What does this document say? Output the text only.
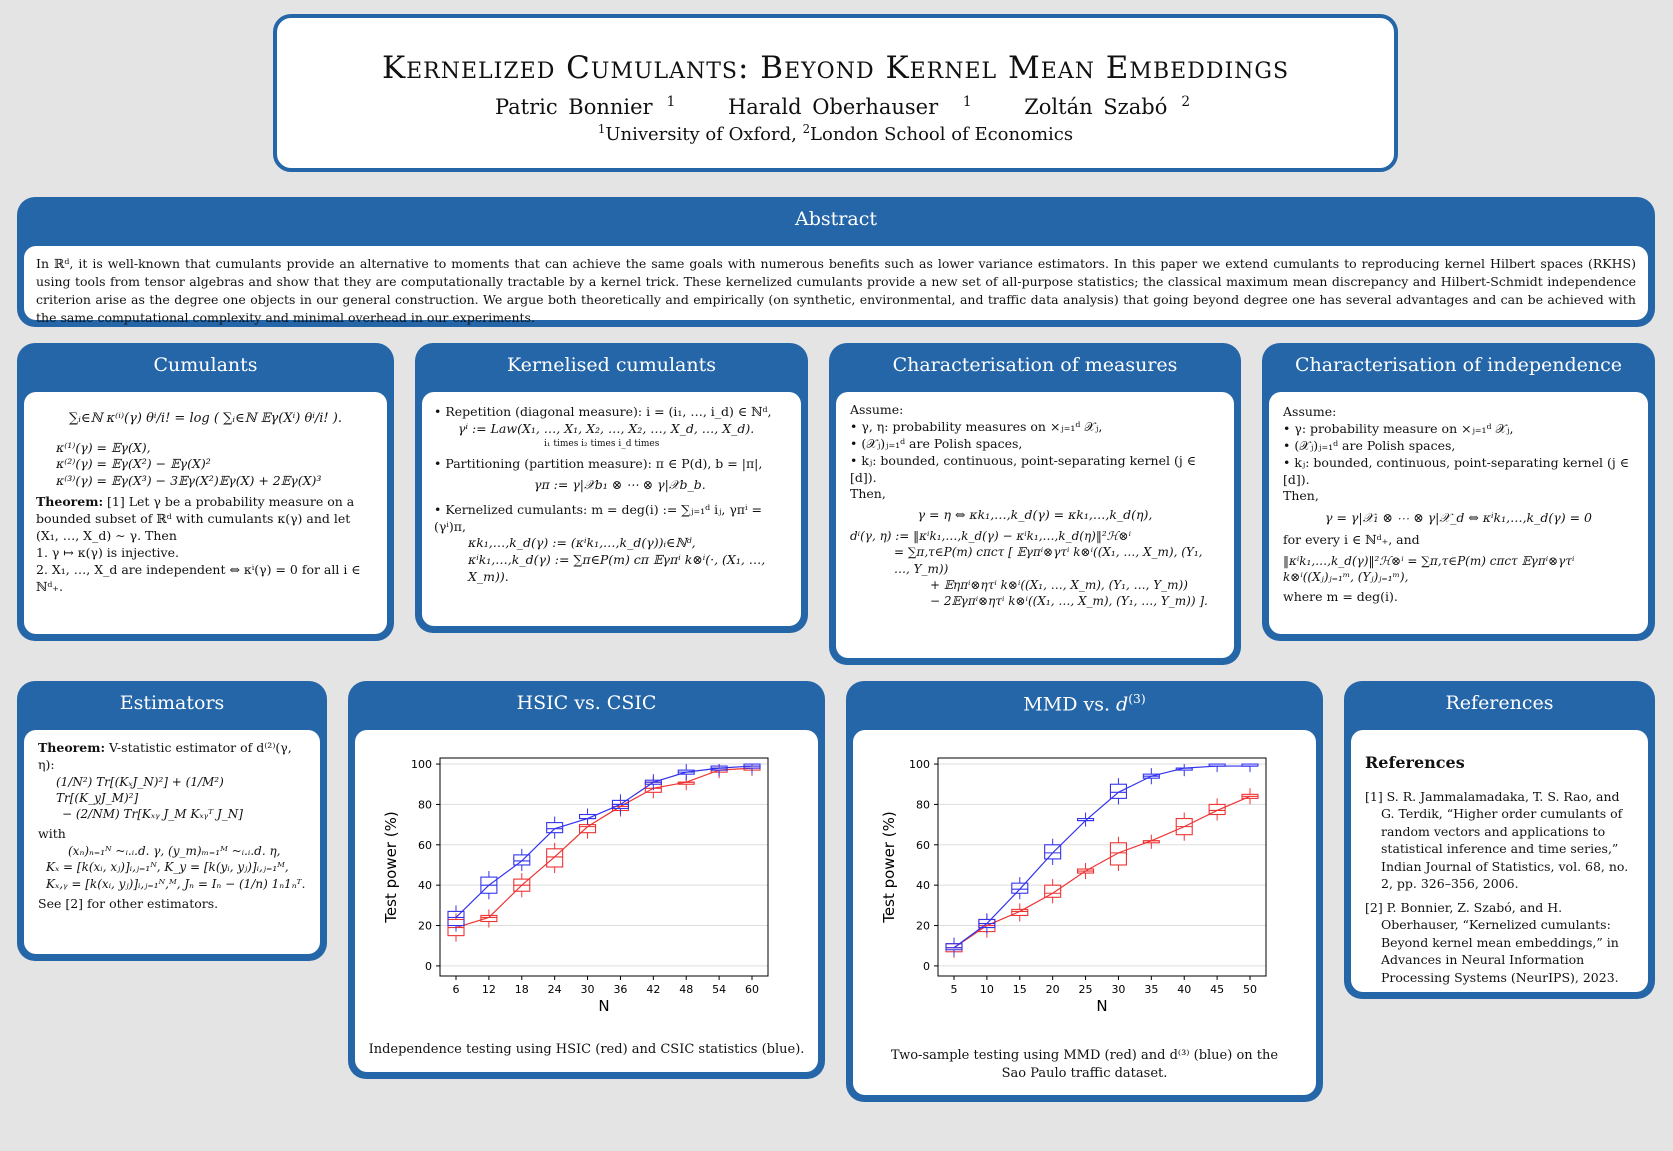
Kernelized Cumulants: Beyond Kernel Mean Embeddings
Patric Bonnier $^1$	Harald Oberhauser $^1$	Zoltán Szabó $^2$
$^1$University of Oxford, $^2$London School of Economics
Abstract

In ℝᵈ, it is well-known that cumulants provide an alternative to moments that can achieve the same goals with numerous benefits such as lower variance estimators. In this paper we extend cumulants to reproducing kernel Hilbert spaces (RKHS) using tools from tensor algebras and show that they are computationally tractable by a kernel trick. These kernelized cumulants provide a new set of all-purpose statistics; the classical maximum mean discrepancy and Hilbert-Schmidt independence criterion arise as the degree one objects in our general construction. We argue both theoretically and empirically (on synthetic, environmental, and traffic data analysis) that going beyond degree one has several advantages and can be achieved with the same computational complexity and minimal overhead in our experiments.

Cumulants

∑ᵢ∈ℕ κ⁽ⁱ⁾(γ) θⁱ/i! = log ( ∑ᵢ∈ℕ 𝔼γ(Xⁱ) θⁱ/i! ).

κ⁽¹⁾(γ) = 𝔼γ(X),

κ⁽²⁾(γ) = 𝔼γ(X²) − 𝔼γ(X)²

κ⁽³⁾(γ) = 𝔼γ(X³) − 3𝔼γ(X²)𝔼γ(X) + 2𝔼γ(X)³

Theorem: [1] Let γ be a probability measure on a bounded subset of ℝᵈ with cumulants κ(γ) and let (X₁, …, X_d) ∼ γ. Then

1. γ ↦ κ(γ) is injective.

2. X₁, …, X_d are independent ⇔ κⁱ(γ) = 0 for all i ∈ ℕᵈ₊.

Kernelised cumulants

• Repetition (diagonal measure): i = (i₁, …, i_d) ∈ ℕᵈ,

γⁱ := Law(X₁, …, X₁, X₂, …, X₂, …, X_d, …, X_d).

i₁ times i₂ times i_d times

• Partitioning (partition measure): π ∈ P(d), b = |π|,

γπ := γ|𝒳b₁ ⊗ ⋯ ⊗ γ|𝒳b_b.

• Kernelized cumulants: m = deg(i) := ∑ⱼ₌₁ᵈ iⱼ, γπⁱ = (γⁱ)π,

κk₁,…,k_d(γ) := (κⁱk₁,…,k_d(γ))ᵢ∈ℕᵈ,

κⁱk₁,…,k_d(γ) := ∑π∈P(m) cπ 𝔼γπⁱ k⊗ⁱ(·, (X₁, …, X_m)).

Characterisation of measures

Assume:

• γ, η: probability measures on ×ⱼ₌₁ᵈ 𝒳ⱼ,

• (𝒳ⱼ)ⱼ₌₁ᵈ are Polish spaces,

• kⱼ: bounded, continuous, point-separating kernel (j ∈ [d]).

Then,

γ = η ⇔ κk₁,…,k_d(γ) = κk₁,…,k_d(η),

dⁱ(γ, η) := ‖κⁱk₁,…,k_d(γ) − κⁱk₁,…,k_d(η)‖²ℋ⊗ⁱ

= ∑π,τ∈P(m) cπcτ [ 𝔼γπⁱ⊗γτⁱ k⊗ⁱ((X₁, …, X_m), (Y₁, …, Y_m))

+ 𝔼ηπⁱ⊗ητⁱ k⊗ⁱ((X₁, …, X_m), (Y₁, …, Y_m))

− 2𝔼γπⁱ⊗ητⁱ k⊗ⁱ((X₁, …, X_m), (Y₁, …, Y_m)) ].

Characterisation of independence

Assume:

• γ: probability measure on ×ⱼ₌₁ᵈ 𝒳ⱼ,

• (𝒳ⱼ)ⱼ₌₁ᵈ are Polish spaces,

• kⱼ: bounded, continuous, point-separating kernel (j ∈ [d]).

Then,

γ = γ|𝒳₁ ⊗ ⋯ ⊗ γ|𝒳_d ⇔ κⁱk₁,…,k_d(γ) = 0

for every i ∈ ℕᵈ₊, and

‖κⁱk₁,…,k_d(γ)‖²ℋ⊗ⁱ = ∑π,τ∈P(m) cπcτ 𝔼γπⁱ⊗γτⁱ k⊗ⁱ((Xⱼ)ⱼ₌₁ᵐ, (Yⱼ)ⱼ₌₁ᵐ),

where m = deg(i).

Estimators

Theorem: V-statistic estimator of d⁽²⁾(γ, η):

(1/N²) Tr[(KₓJ_N)²] + (1/M²) Tr[(K_yJ_M)²]

− (2/NM) Tr[Kₓᵧ J_M Kₓᵧᵀ J_N]

with

(xₙ)ₙ₌₁ᴺ ~ᵢ.ᵢ.d. γ, (y_m)ₘ₌₁ᴹ ~ᵢ.ᵢ.d. η,

Kₓ = [k(xᵢ, xⱼ)]ᵢ,ⱼ₌₁ᴺ, K_y = [k(yᵢ, yⱼ)]ᵢ,ⱼ₌₁ᴹ,

Kₓ,ᵧ = [k(xᵢ, yⱼ)]ᵢ,ⱼ₌₁ᴺ,ᴹ, Jₙ = Iₙ − (1/n) 1ₙ1ₙᵀ.

See [2] for other estimators.

HSIC vs. CSIC
0
20
40
60
80
100
6 12 18 24 30 36 42 48 54 60
N
Test power (%)
Independence testing using HSIC (red) and CSIC statistics (blue).
MMD vs. $d^{(3)}$
0
20
40
60
80
100
5 10 15 20 25 30 35 40 45 50
N
Test power (%)
Two-sample testing using MMD (red) and d⁽³⁾ (blue) on the Sao Paulo traffic dataset.
References
References

[1] S. R. Jammalamadaka, T. S. Rao, and G. Terdik, “Higher order cumulants of random vectors and applications to statistical inference and time series,” Indian Journal of Statistics, vol. 68, no. 2, pp. 326–356, 2006.

[2] P. Bonnier, Z. Szabó, and H. Oberhauser, “Kernelized cumulants: Beyond kernel mean embeddings,” in Advances in Neural Information Processing Systems (NeurIPS), 2023.
